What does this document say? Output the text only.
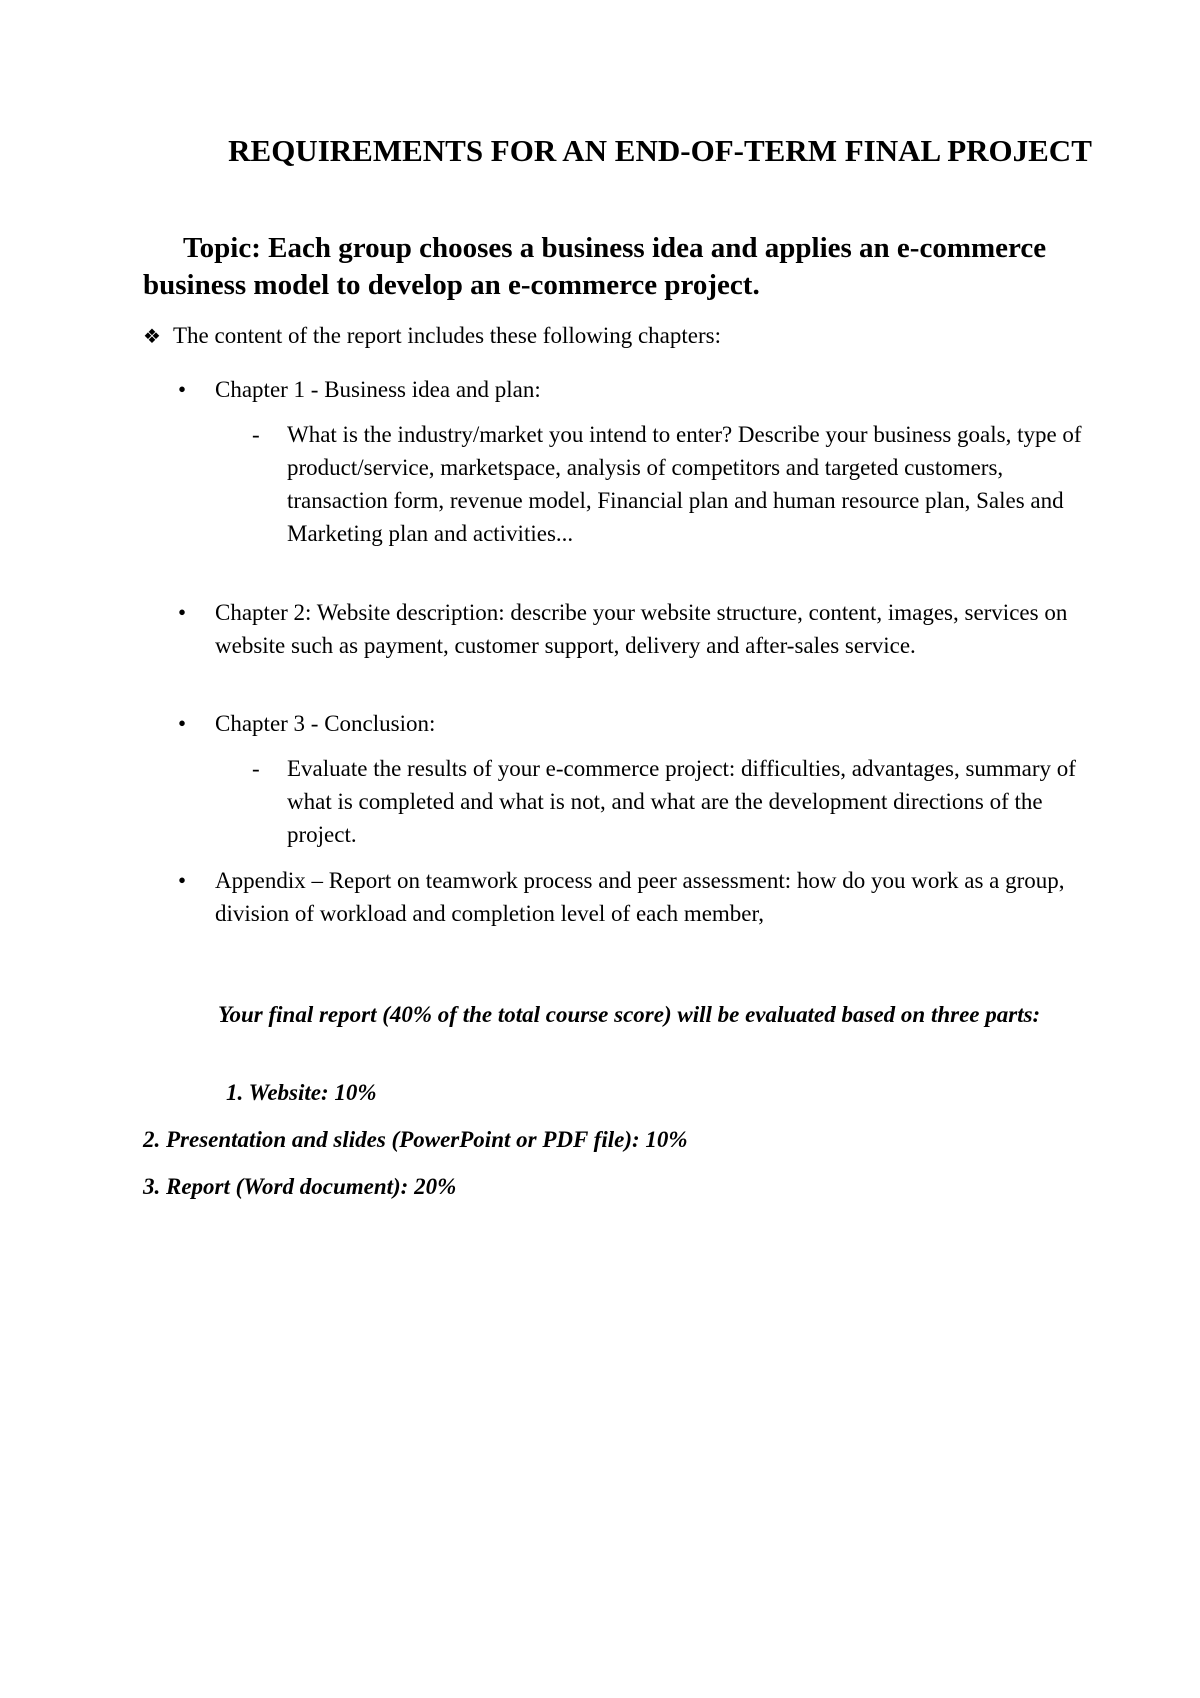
REQUIREMENTS FOR AN END-OF-TERM FINAL PROJECT

Topic: Each group chooses a business idea and applies an e-commerce business model to develop an e-commerce project.

❖ The content of the report includes these following chapters:

• Chapter 1 - Business idea and plan:

- What is the industry/market you intend to enter? Describe your business goals, type of product/service, marketspace, analysis of competitors and targeted customers, transaction form, revenue model, Financial plan and human resource plan, Sales and Marketing plan and activities...

• Chapter 2: Website description: describe your website structure, content, images, services on website such as payment, customer support, delivery and after-sales service.

• Chapter 3 - Conclusion:

- Evaluate the results of your e-commerce project: difficulties, advantages, summary of what is completed and what is not, and what are the development directions of the project.

• Appendix – Report on teamwork process and peer assessment: how do you work as a group, division of workload and completion level of each member,

Your final report (40% of the total course score) will be evaluated based on three parts:

1. Website: 10%

2. Presentation and slides (PowerPoint or PDF file): 10%

3. Report (Word document): 20%
